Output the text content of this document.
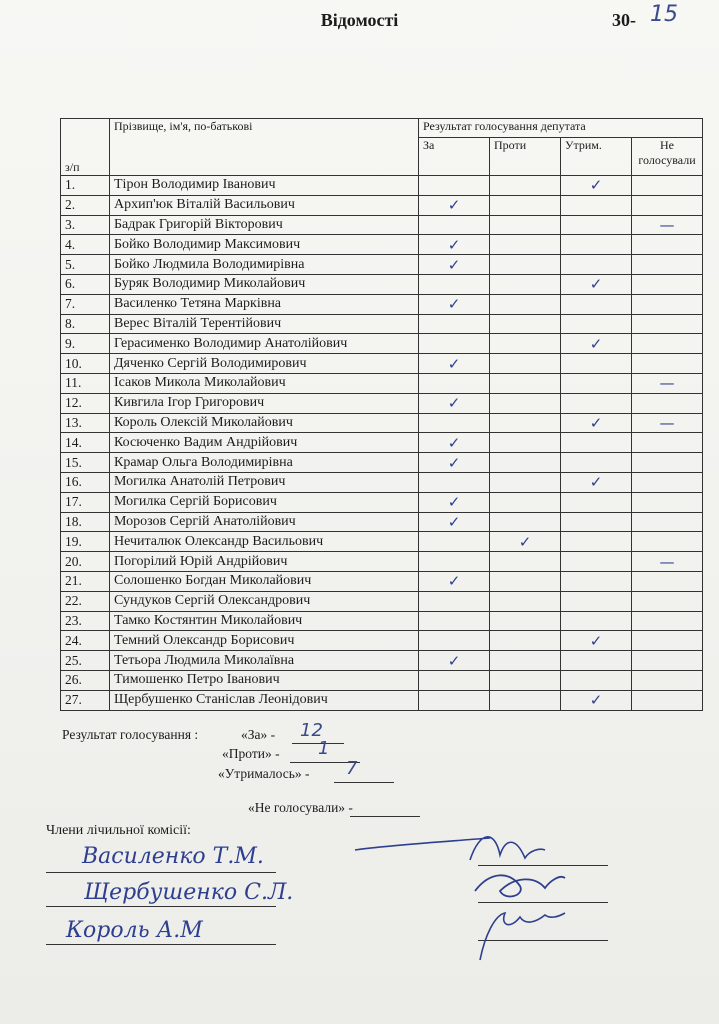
Відомості	30- 15
з/п	Прізвище, ім'я, по-батькові	Результат голосування депутата			
		За	Проти	Утрим.	Не
голосували
1.	Тірон Володимир Іванович			✓	
2.	Архип'юк Віталій Васильович	✓			
3.	Бадрак Григорій Вікторович				—
4.	Бойко Володимир Максимович	✓			
5.	Бойко Людмила Володимирівна	✓			
6.	Буряк Володимир Миколайович			✓	
7.	Василенко Тетяна Марківна	✓			
8.	Верес Віталій Терентійович				
9.	Герасименко Володимир Анатолійович			✓	
10.	Дяченко Сергій Володимирович	✓			
11.	Ісаков Микола Миколайович				—
12.	Кивгила Ігор Григорович	✓			
13.	Король Олексій Миколайович			✓	—
14.	Косюченко Вадим Андрійович	✓			
15.	Крамар Ольга Володимирівна	✓			
16.	Могилка Анатолій Петрович			✓	
17.	Могилка Сергій Борисович	✓			
18.	Морозов Сергій Анатолійович	✓			
19.	Нечиталюк Олександр Васильович		✓		
20.	Погорілий Юрій Андрійович				—
21.	Солошенко Богдан Миколайович	✓			
22.	Сундуков Сергій Олександрович				
23.	Тамко Костянтин Миколайович				
24.	Темний Олександр Борисович			✓	
25.	Тетьора Людмила Миколаївна	✓			
26.	Тимошенко Петро Іванович				
27.	Щербушенко Станіслав Леонідович			✓	
Результат голосування :	«За» - 12
«Проти» - 1
«Утрималось» - 7
«Не голосували» -
Члени лічильної комісії:
Василенко Т.М.
Щербушенко С.Л.
Король А.М
